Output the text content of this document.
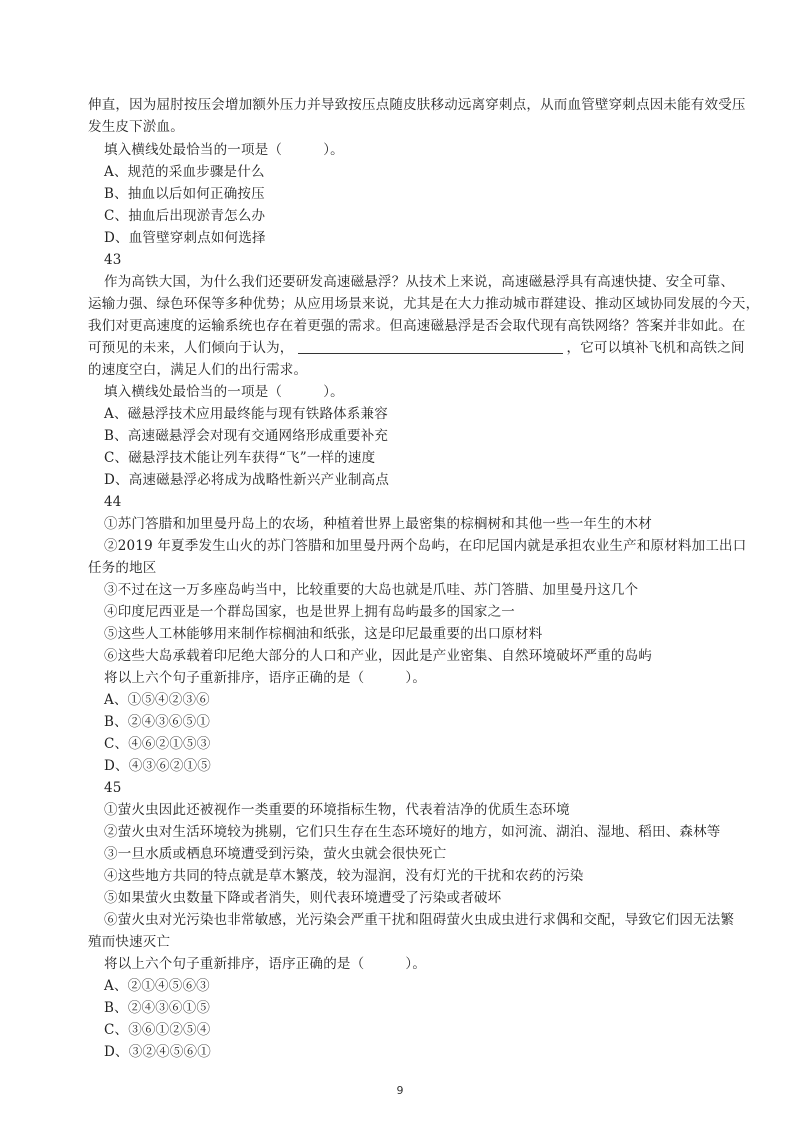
伸直，因为屈肘按压会增加额外压力并导致按压点随皮肤移动远离穿刺点，从而血管壁穿刺点因未能有效受压
发生皮下淤血。
填入横线处最恰当的一项是（　　　）。
A、规范的采血步骤是什么
B、抽血以后如何正确按压
C、抽血后出现淤青怎么办
D、血管壁穿刺点如何选择
43
作为高铁大国，为什么我们还要研发高速磁悬浮？从技术上来说，高速磁悬浮具有高速快捷、安全可靠、
运输力强、绿色环保等多种优势；从应用场景来说，尤其是在大力推动城市群建设、推动区域协同发展的今天，
我们对更高速度的运输系统也存在着更强的需求。但高速磁悬浮是否会取代现有高铁网络？答案并非如此。在
可预见的未来，人们倾向于认为，	，它可以填补飞机和高铁之间
的速度空白，满足人们的出行需求。
填入横线处最恰当的一项是（　　　）。
A、磁悬浮技术应用最终能与现有铁路体系兼容
B、高速磁悬浮会对现有交通网络形成重要补充
C、磁悬浮技术能让列车获得“飞”一样的速度
D、高速磁悬浮必将成为战略性新兴产业制高点
44
①苏门答腊和加里曼丹岛上的农场，种植着世界上最密集的棕榈树和其他一些一年生的木材
②2019 年夏季发生山火的苏门答腊和加里曼丹两个岛屿，在印尼国内就是承担农业生产和原材料加工出口
任务的地区
③不过在这一万多座岛屿当中，比较重要的大岛也就是爪哇、苏门答腊、加里曼丹这几个
④印度尼西亚是一个群岛国家，也是世界上拥有岛屿最多的国家之一
⑤这些人工林能够用来制作棕榈油和纸张，这是印尼最重要的出口原材料
⑥这些大岛承载着印尼绝大部分的人口和产业，因此是产业密集、自然环境破坏严重的岛屿
将以上六个句子重新排序，语序正确的是（　　　）。
A、①⑤④②③⑥
B、②④③⑥⑤①
C、④⑥②①⑤③
D、④③⑥②①⑤
45
①萤火虫因此还被视作一类重要的环境指标生物，代表着洁净的优质生态环境
②萤火虫对生活环境较为挑剔，它们只生存在生态环境好的地方，如河流、湖泊、湿地、稻田、森林等
③一旦水质或栖息环境遭受到污染，萤火虫就会很快死亡
④这些地方共同的特点就是草木繁茂，较为湿润，没有灯光的干扰和农药的污染
⑤如果萤火虫数量下降或者消失，则代表环境遭受了污染或者破坏
⑥萤火虫对光污染也非常敏感，光污染会严重干扰和阻碍萤火虫成虫进行求偶和交配，导致它们因无法繁
殖而快速灭亡
将以上六个句子重新排序，语序正确的是（　　　）。
A、②①④⑤⑥③
B、②④③⑥①⑤
C、③⑥①②⑤④
D、③②④⑤⑥①
9
